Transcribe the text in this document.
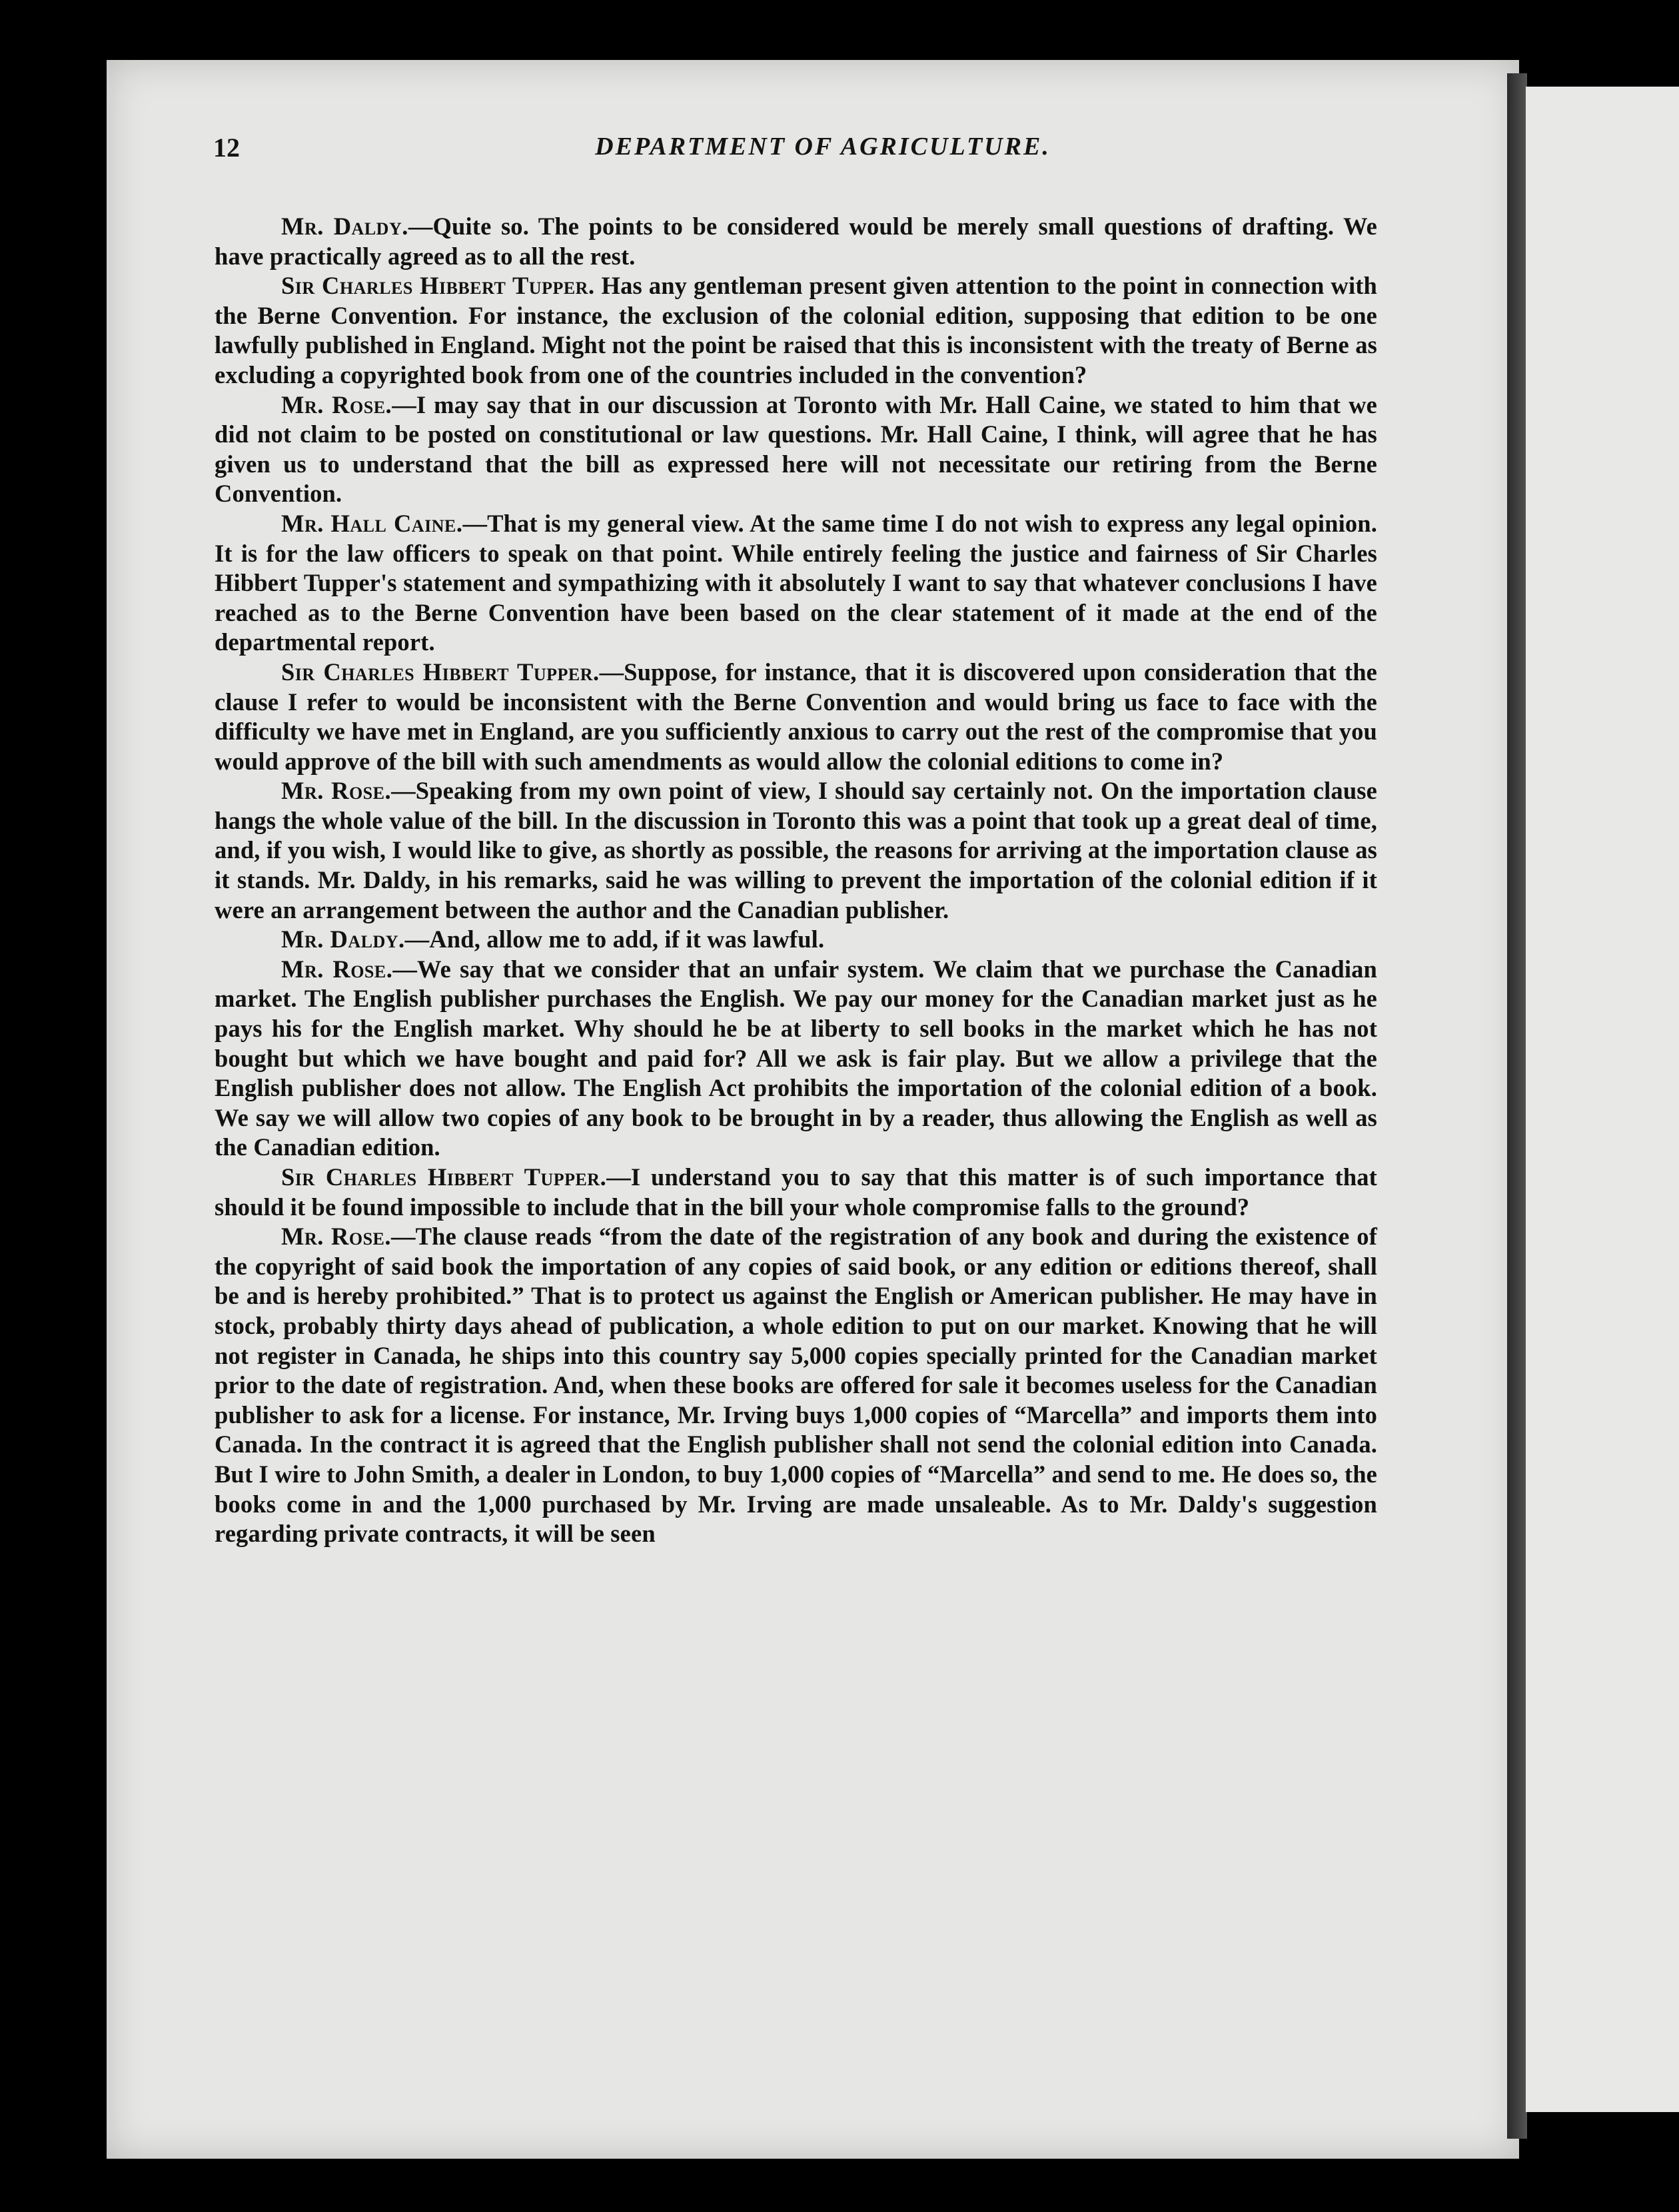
12	DEPARTMENT OF AGRICULTURE.

Mr. Daldy.—Quite so. The points to be considered would be merely small questions of drafting. We have practically agreed as to all the rest.

Sir Charles Hibbert Tupper. Has any gentleman present given attention to the point in connection with the Berne Convention. For instance, the exclusion of the colonial edition, supposing that edition to be one lawfully published in England. Might not the point be raised that this is inconsistent with the treaty of Berne as excluding a copyrighted book from one of the countries included in the convention?

Mr. Rose.—I may say that in our discussion at Toronto with Mr. Hall Caine, we stated to him that we did not claim to be posted on constitutional or law questions. Mr. Hall Caine, I think, will agree that he has given us to understand that the bill as expressed here will not necessitate our retiring from the Berne Convention.

Mr. Hall Caine.—That is my general view. At the same time I do not wish to express any legal opinion. It is for the law officers to speak on that point. While entirely feeling the justice and fairness of Sir Charles Hibbert Tupper's statement and sympathizing with it absolutely I want to say that whatever conclusions I have reached as to the Berne Convention have been based on the clear statement of it made at the end of the departmental report.

Sir Charles Hibbert Tupper.—Suppose, for instance, that it is discovered upon consideration that the clause I refer to would be inconsistent with the Berne Convention and would bring us face to face with the difficulty we have met in England, are you sufficiently anxious to carry out the rest of the compromise that you would approve of the bill with such amendments as would allow the colonial editions to come in?

Mr. Rose.—Speaking from my own point of view, I should say certainly not. On the importation clause hangs the whole value of the bill. In the discussion in Toronto this was a point that took up a great deal of time, and, if you wish, I would like to give, as shortly as possible, the reasons for arriving at the importation clause as it stands. Mr. Daldy, in his remarks, said he was willing to prevent the importation of the colonial edition if it were an arrangement between the author and the Canadian publisher.

Mr. Daldy.—And, allow me to add, if it was lawful.

Mr. Rose.—We say that we consider that an unfair system. We claim that we purchase the Canadian market. The English publisher purchases the English. We pay our money for the Canadian market just as he pays his for the English market. Why should he be at liberty to sell books in the market which he has not bought but which we have bought and paid for? All we ask is fair play. But we allow a privilege that the English publisher does not allow. The English Act prohibits the importation of the colonial edition of a book. We say we will allow two copies of any book to be brought in by a reader, thus allowing the English as well as the Canadian edition.

Sir Charles Hibbert Tupper.—I understand you to say that this matter is of such importance that should it be found impossible to include that in the bill your whole compromise falls to the ground?

Mr. Rose.—The clause reads “from the date of the registration of any book and during the existence of the copyright of said book the importation of any copies of said book, or any edition or editions thereof, shall be and is hereby prohibited.” That is to protect us against the English or American publisher. He may have in stock, probably thirty days ahead of publication, a whole edition to put on our market. Knowing that he will not register in Canada, he ships into this country say 5,000 copies specially printed for the Canadian market prior to the date of registration. And, when these books are offered for sale it becomes useless for the Canadian publisher to ask for a license. For instance, Mr. Irving buys 1,000 copies of “Marcella” and imports them into Canada. In the contract it is agreed that the English publisher shall not send the colonial edition into Canada. But I wire to John Smith, a dealer in London, to buy 1,000 copies of “Marcella” and send to me. He does so, the books come in and the 1,000 purchased by Mr. Irving are made unsaleable. As to Mr. Daldy's suggestion regarding private contracts, it will be seen
